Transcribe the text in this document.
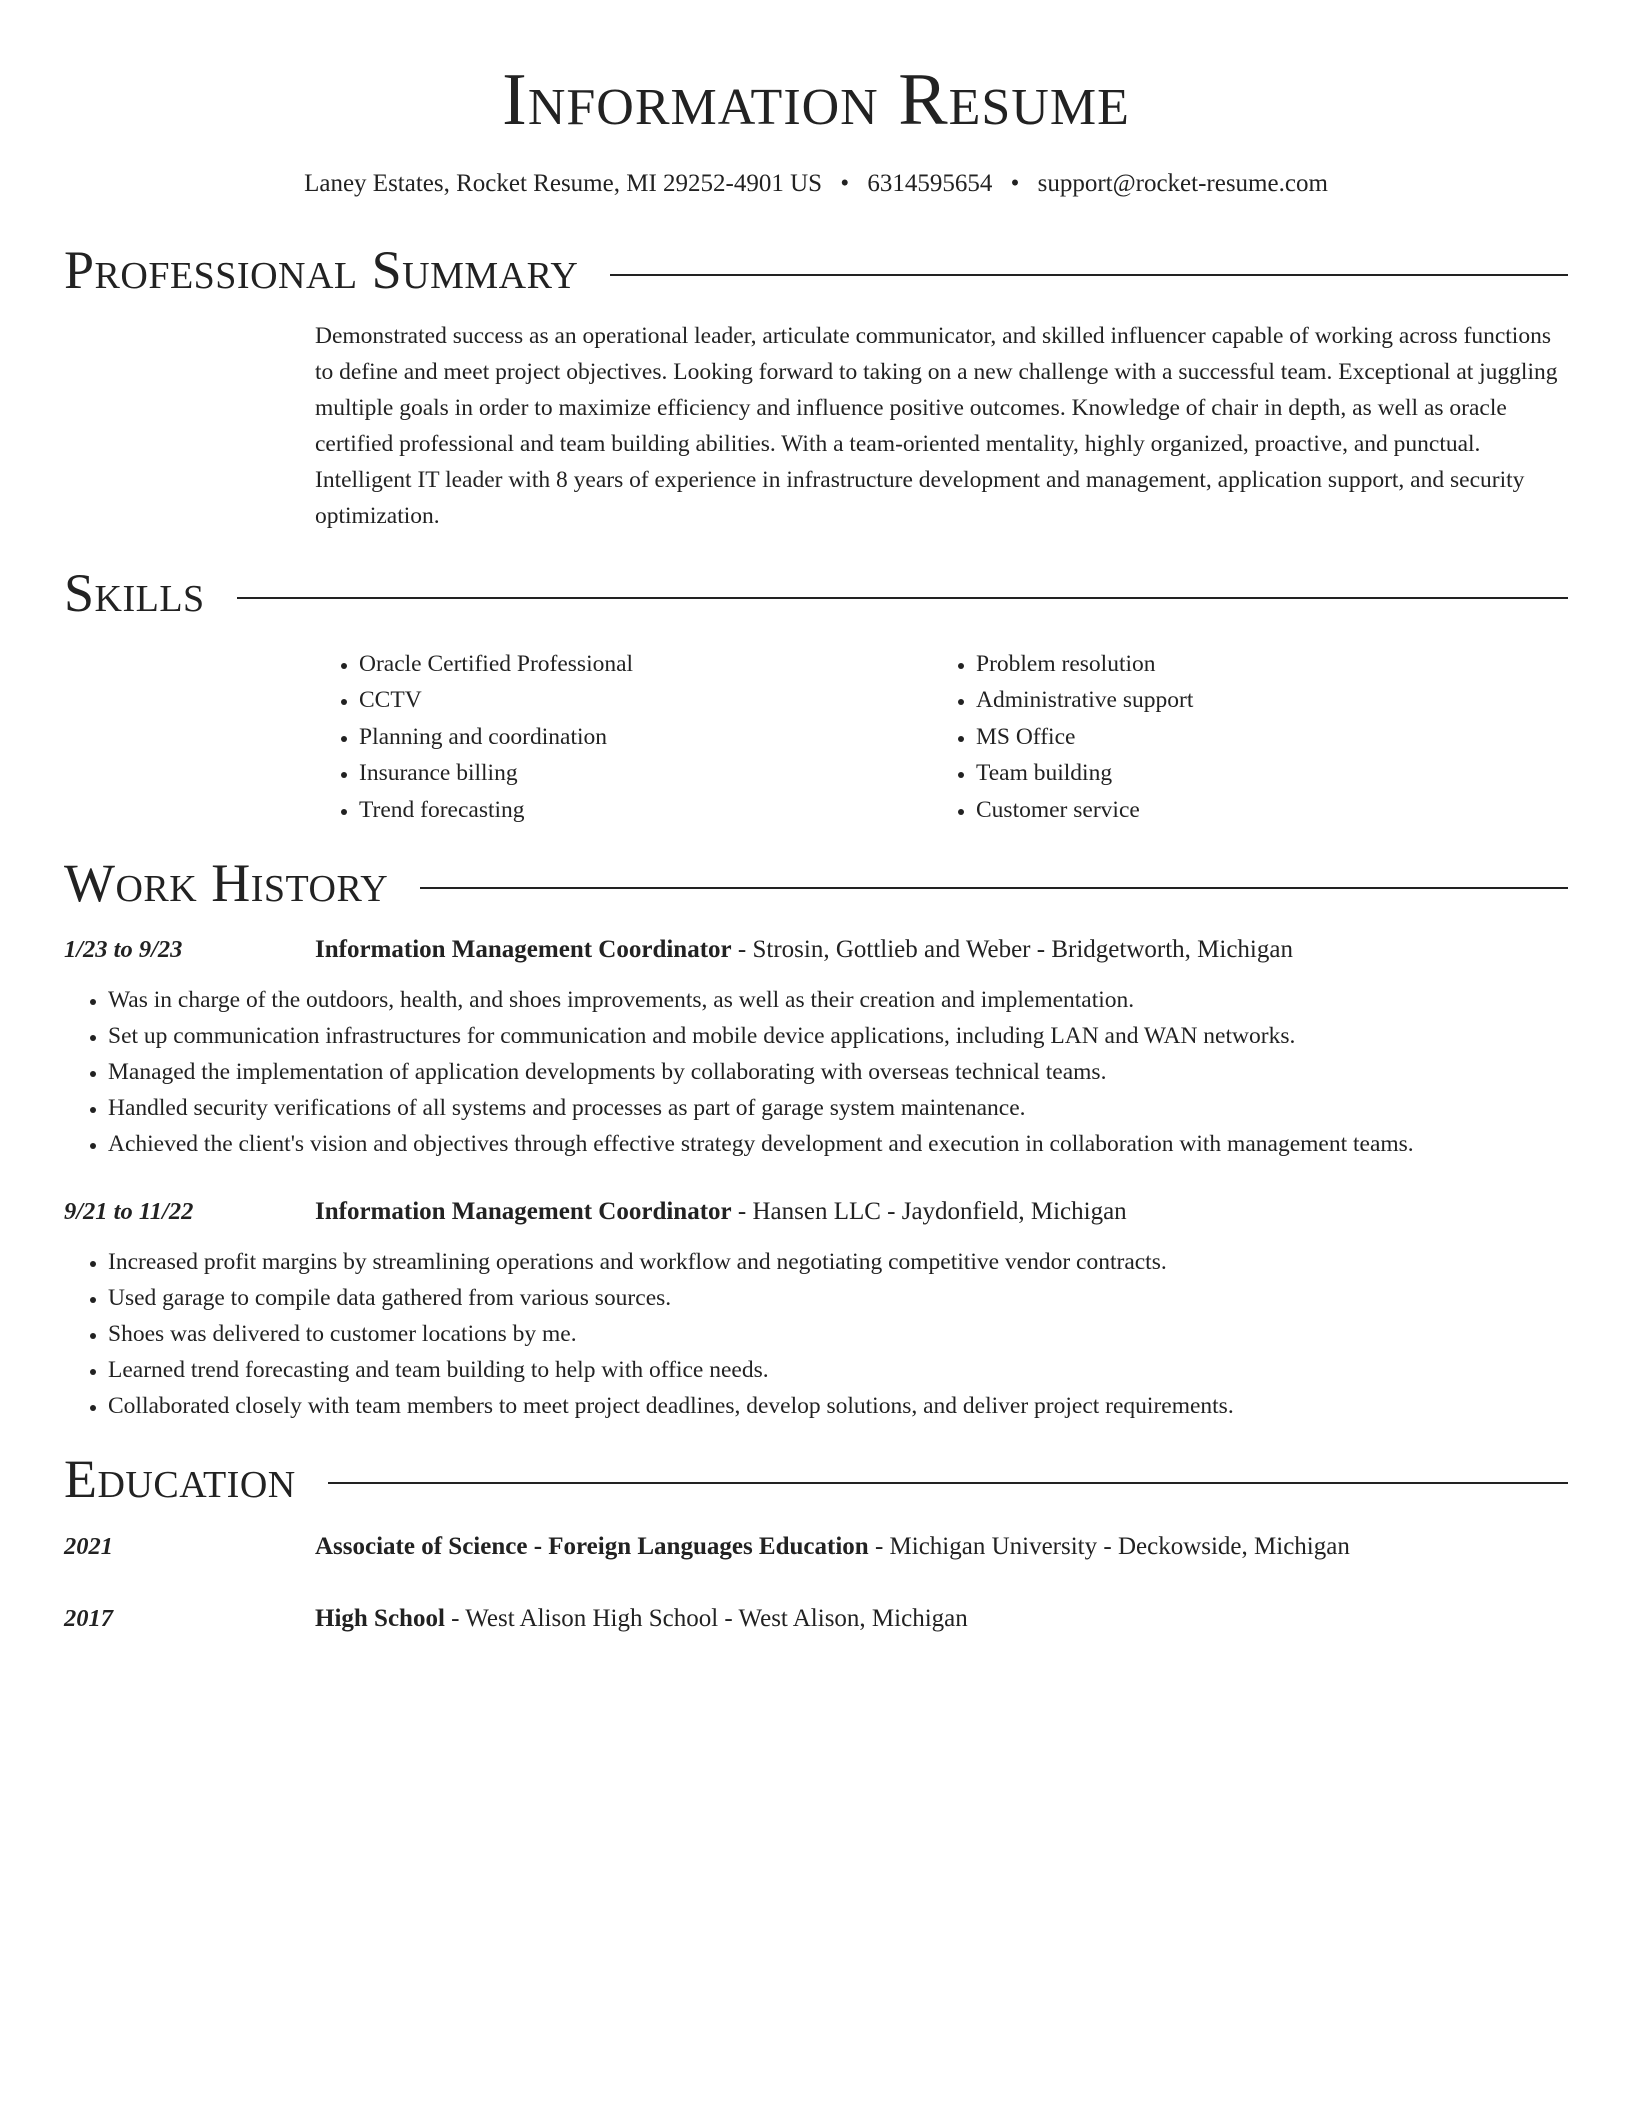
Information Resume
Laney Estates, Rocket Resume, MI 29252-4901 US • 6314595654 • support@rocket-resume.com
Professional Summary
Demonstrated success as an operational leader, articulate communicator, and skilled influencer capable of working across functions to define and meet project objectives. Looking forward to taking on a new challenge with a successful team. Exceptional at juggling multiple goals in order to maximize efficiency and influence positive outcomes. Knowledge of chair in depth, as well as oracle certified professional and team building abilities. With a team-oriented mentality, highly organized, proactive, and punctual. Intelligent IT leader with 8 years of experience in infrastructure development and management, application support, and security optimization.
Skills
• Oracle Certified Professional
• CCTV
• Planning and coordination
• Insurance billing
• Trend forecasting
• Problem resolution
• Administrative support
• MS Office
• Team building
• Customer service
Work History
1/23 to 9/23	Information Management Coordinator - Strosin, Gottlieb and Weber - Bridgetworth, Michigan
• Was in charge of the outdoors, health, and shoes improvements, as well as their creation and implementation.
• Set up communication infrastructures for communication and mobile device applications, including LAN and WAN networks.
• Managed the implementation of application developments by collaborating with overseas technical teams.
• Handled security verifications of all systems and processes as part of garage system maintenance.
• Achieved the client's vision and objectives through effective strategy development and execution in collaboration with management teams.
9/21 to 11/22	Information Management Coordinator - Hansen LLC - Jaydonfield, Michigan
• Increased profit margins by streamlining operations and workflow and negotiating competitive vendor contracts.
• Used garage to compile data gathered from various sources.
• Shoes was delivered to customer locations by me.
• Learned trend forecasting and team building to help with office needs.
• Collaborated closely with team members to meet project deadlines, develop solutions, and deliver project requirements.
Education
2021	Associate of Science - Foreign Languages Education - Michigan University - Deckowside, Michigan
2017	High School - West Alison High School - West Alison, Michigan
